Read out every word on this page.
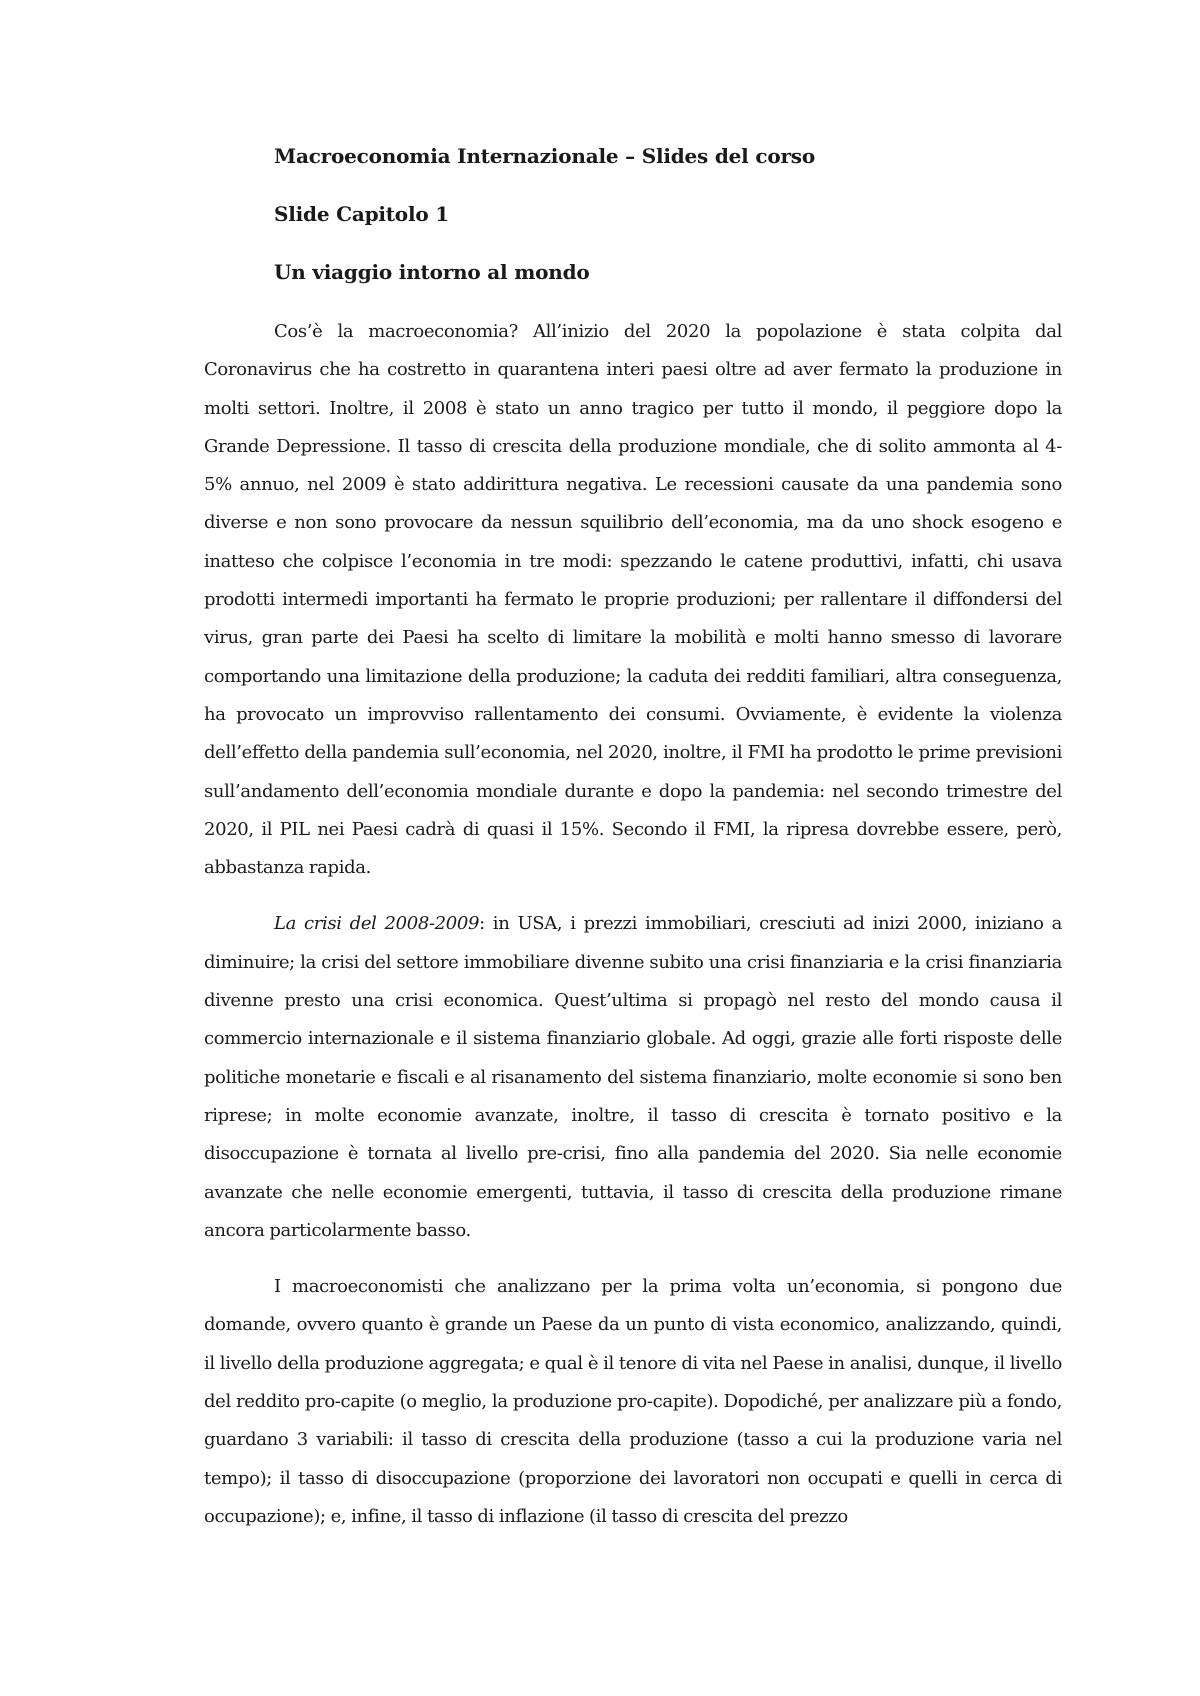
Macroeconomia Internazionale – Slides del corso
Slide Capitolo 1
Un viaggio intorno al mondo

Cos’è la macroeconomia? All’inizio del 2020 la popolazione è stata colpita dal Coronavirus che ha costretto in quarantena interi paesi oltre ad aver fermato la produzione in molti settori. Inoltre, il 2008 è stato un anno tragico per tutto il mondo, il peggiore dopo la Grande Depressione. Il tasso di crescita della produzione mondiale, che di solito ammonta al 4-5% annuo, nel 2009 è stato addirittura negativa. Le recessioni causate da una pandemia sono diverse e non sono provocare da nessun squilibrio dell’economia, ma da uno shock esogeno e inatteso che colpisce l’economia in tre modi: spezzando le catene produttivi, infatti, chi usava prodotti intermedi importanti ha fermato le proprie produzioni; per rallentare il diffondersi del virus, gran parte dei Paesi ha scelto di limitare la mobilità e molti hanno smesso di lavorare comportando una limitazione della produzione; la caduta dei redditi familiari, altra conseguenza, ha provocato un improvviso rallentamento dei consumi. Ovviamente, è evidente la violenza dell’effetto della pandemia sull’economia, nel 2020, inoltre, il FMI ha prodotto le prime previsioni sull’andamento dell’economia mondiale durante e dopo la pandemia: nel secondo trimestre del 2020, il PIL nei Paesi cadrà di quasi il 15%. Secondo il FMI, la ripresa dovrebbe essere, però, abbastanza rapida.

La crisi del 2008-2009: in USA, i prezzi immobiliari, cresciuti ad inizi 2000, iniziano a diminuire; la crisi del settore immobiliare divenne subito una crisi finanziaria e la crisi finanziaria divenne presto una crisi economica. Quest’ultima si propagò nel resto del mondo causa il commercio internazionale e il sistema finanziario globale. Ad oggi, grazie alle forti risposte delle politiche monetarie e fiscali e al risanamento del sistema finanziario, molte economie si sono ben riprese; in molte economie avanzate, inoltre, il tasso di crescita è tornato positivo e la disoccupazione è tornata al livello pre-crisi, fino alla pandemia del 2020. Sia nelle economie avanzate che nelle economie emergenti, tuttavia, il tasso di crescita della produzione rimane ancora particolarmente basso.

I macroeconomisti che analizzano per la prima volta un’economia, si pongono due domande, ovvero quanto è grande un Paese da un punto di vista economico, analizzando, quindi, il livello della produzione aggregata; e qual è il tenore di vita nel Paese in analisi, dunque, il livello del reddito pro-capite (o meglio, la produzione pro-capite). Dopodiché, per analizzare più a fondo, guardano 3 variabili: il tasso di crescita della produzione (tasso a cui la produzione varia nel tempo); il tasso di disoccupazione (proporzione dei lavoratori non occupati e quelli in cerca di occupazione); e, infine, il tasso di inflazione (il tasso di crescita del prezzo
